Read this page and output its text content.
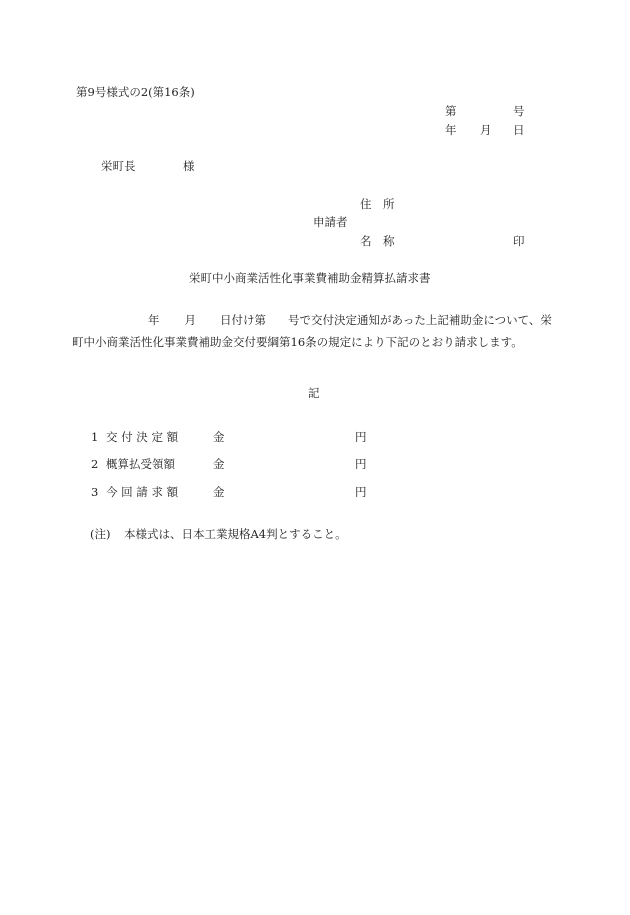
第9号様式の2(第16条)
第	号
年 月 日
栄町長	様
住　所
申請者
名　称	印
栄町中小商業活性化事業費補助金精算払請求書
年 月 日付け第 号で交付決定通知があった上記補助金について、栄町中小商業活性化事業費補助金交付要綱第16条の規定により下記のとおり請求します。
記
1 交 付 決 定 額	金	円
2 概算払受領額	金	円
3 今 回 請 求 額	金	円
(注) 本様式は、日本工業規格A4判とすること。
